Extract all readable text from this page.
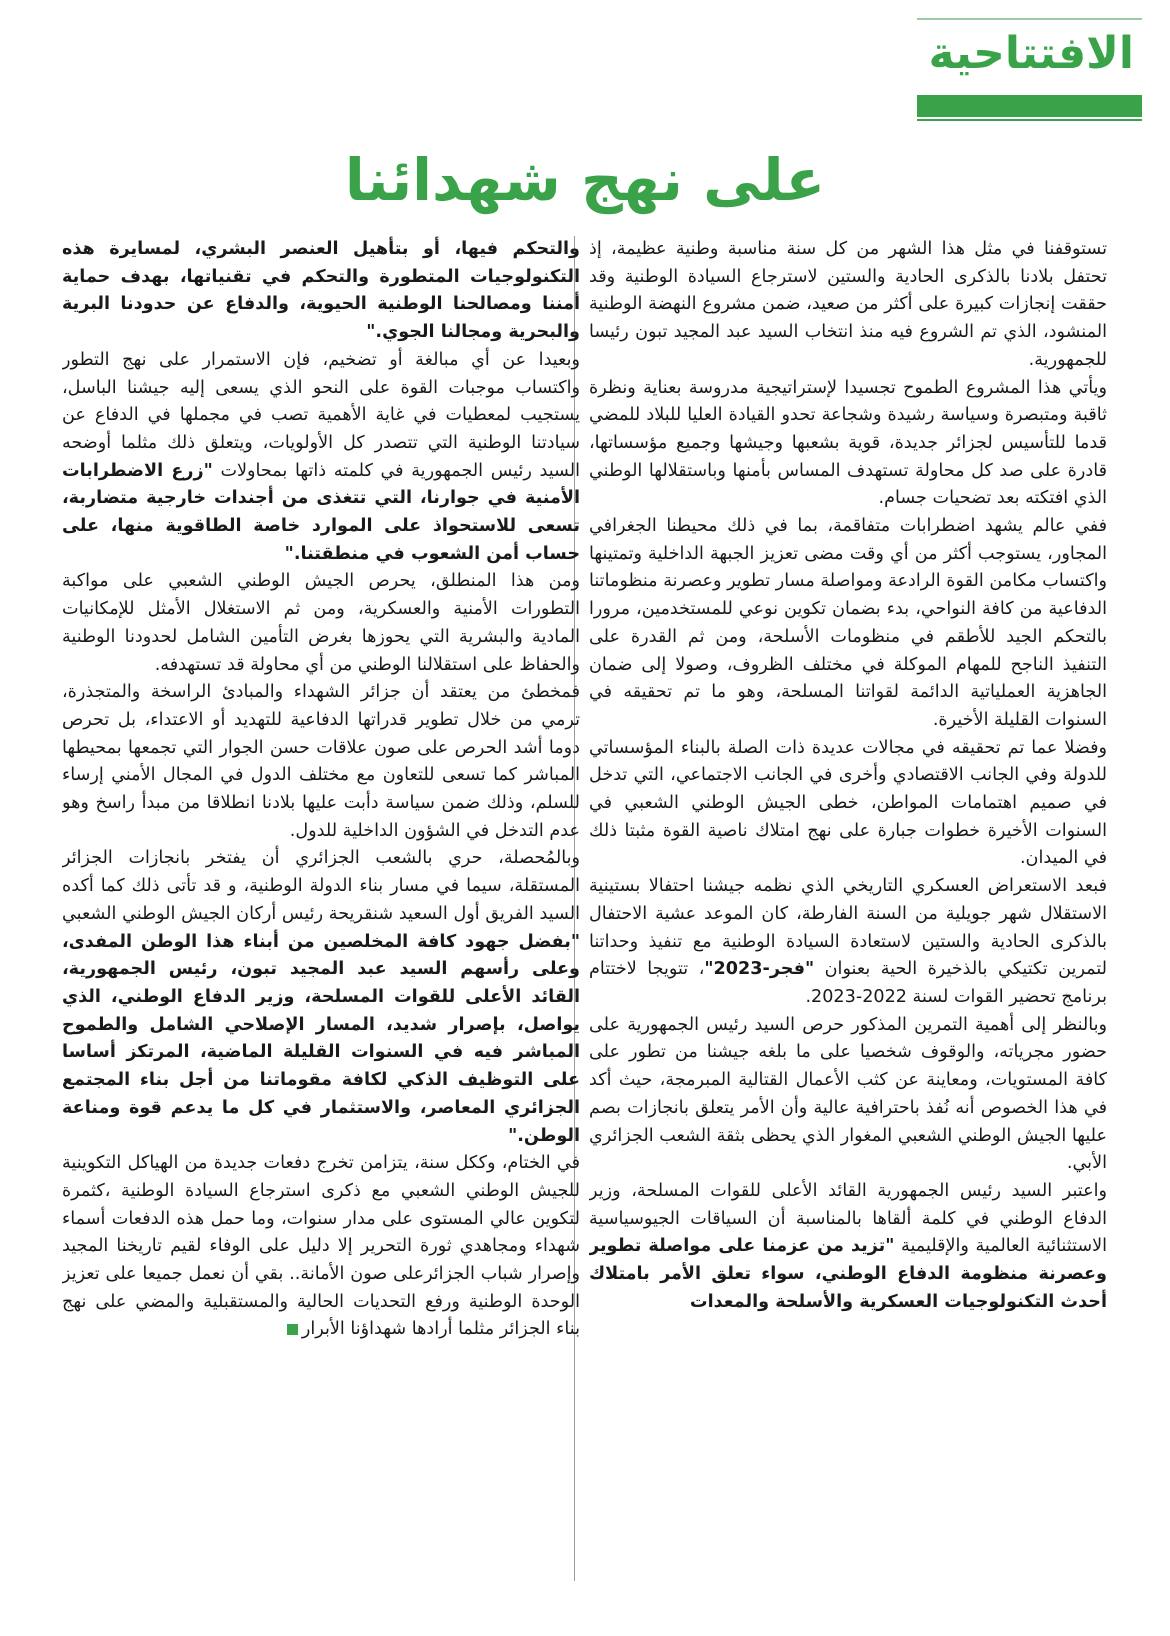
الافتتاحية
على نهج شهدائنا

تستوقفنا في مثل هذا الشهر من كل سنة مناسبة وطنية عظيمة، إذ تحتفل بلادنا بالذكرى الحادية والستين لاسترجاع السيادة الوطنية وقد حققت إنجازات كبيرة على أكثر من صعيد، ضمن مشروع النهضة الوطنية المنشود، الذي تم الشروع فيه منذ انتخاب السيد عبد المجيد تبون رئيسا للجمهورية.

ويأتي هذا المشروع الطموح تجسيدا لإستراتيجية مدروسة بعناية ونظرة ثاقبة ومتبصرة وسياسة رشيدة وشجاعة تحدو القيادة العليا للبلاد للمضي قدما للتأسيس لجزائر جديدة، قوية بشعبها وجيشها وجميع مؤسساتها، قادرة على صد كل محاولة تستهدف المساس بأمنها وباستقلالها الوطني الذي افتكته بعد تضحيات جسام.

ففي عالم يشهد اضطرابات متفاقمة، بما في ذلك محيطنا الجغرافي المجاور، يستوجب أكثر من أي وقت مضى تعزيز الجبهة الداخلية وتمتينها واكتساب مكامن القوة الرادعة ومواصلة مسار تطوير وعصرنة منظوماتنا الدفاعية من كافة النواحي، بدء بضمان تكوين نوعي للمستخدمين، مرورا بالتحكم الجيد للأطقم في منظومات الأسلحة، ومن ثم القدرة على التنفيذ الناجح للمهام الموكلة في مختلف الظروف، وصولا إلى ضمان الجاهزية العملياتية الدائمة لقواتنا المسلحة، وهو ما تم تحقيقه في السنوات القليلة الأخيرة.

وفضلا عما تم تحقيقه في مجالات عديدة ذات الصلة بالبناء المؤسساتي للدولة وفي الجانب الاقتصادي وأخرى في الجانب الاجتماعي، التي تدخل في صميم اهتمامات المواطن، خطى الجيش الوطني الشعبي في السنوات الأخيرة خطوات جبارة على نهج امتلاك ناصية القوة مثبتا ذلك في الميدان.

فبعد الاستعراض العسكري التاريخي الذي نظمه جيشنا احتفالا بستينية الاستقلال شهر جويلية من السنة الفارطة، كان الموعد عشية الاحتفال بالذكرى الحادية والستين لاستعادة السيادة الوطنية مع تنفيذ وحداتنا لتمرين تكتيكي بالذخيرة الحية بعنوان "فجر-2023"، تتويجا لاختتام برنامج تحضير القوات لسنة 2022-2023.

وبالنظر إلى أهمية التمرين المذكور حرص السيد رئيس الجمهورية على حضور مجرياته، والوقوف شخصيا على ما بلغه جيشنا من تطور على كافة المستويات، ومعاينة عن كثب الأعمال القتالية المبرمجة، حيث أكد في هذا الخصوص أنه نُفذ باحترافية عالية وأن الأمر يتعلق بانجازات بصم عليها الجيش الوطني الشعبي المغوار الذي يحظى بثقة الشعب الجزائري الأبي.

واعتبر السيد رئيس الجمهورية القائد الأعلى للقوات المسلحة، وزير الدفاع الوطني في كلمة ألقاها بالمناسبة أن السياقات الجيوسياسية الاستثنائية العالمية والإقليمية "تزيد من عزمنا على مواصلة تطوير وعصرنة منظومة الدفاع الوطني، سواء تعلق الأمر بامتلاك أحدث التكنولوجيات العسكرية والأسلحة والمعدات

والتحكم فيها، أو بتأهيل العنصر البشري، لمسايرة هذه التكنولوجيات المتطورة والتحكم في تقنياتها، بهدف حماية أمننا ومصالحنا الوطنية الحيوية، والدفاع عن حدودنا البرية والبحرية ومجالنا الجوي."

وبعيدا عن أي مبالغة أو تضخيم، فإن الاستمرار على نهج التطور واكتساب موجبات القوة على النحو الذي يسعى إليه جيشنا الباسل، يستجيب لمعطيات في غاية الأهمية تصب في مجملها في الدفاع عن سيادتنا الوطنية التي تتصدر كل الأولويات، ويتعلق ذلك مثلما أوضحه السيد رئيس الجمهورية في كلمته ذاتها بمحاولات "زرع الاضطرابات الأمنية في جوارنا، التي تتغذى من أجندات خارجية متضاربة، تسعى للاستحواذ على الموارد خاصة الطاقوية منها، على حساب أمن الشعوب في منطقتنا."

ومن هذا المنطلق، يحرص الجيش الوطني الشعبي على مواكبة التطورات الأمنية والعسكرية، ومن ثم الاستغلال الأمثل للإمكانيات المادية والبشرية التي يحوزها بغرض التأمين الشامل لحدودنا الوطنية والحفاظ على استقلالنا الوطني من أي محاولة قد تستهدفه.

فمخطئ من يعتقد أن جزائر الشهداء والمبادئ الراسخة والمتجذرة، ترمي من خلال تطوير قدراتها الدفاعية للتهديد أو الاعتداء، بل تحرص دوما أشد الحرص على صون علاقات حسن الجوار التي تجمعها بمحيطها المباشر كما تسعى للتعاون مع مختلف الدول في المجال الأمني إرساء للسلم، وذلك ضمن سياسة دأبت عليها بلادنا انطلاقا من مبدأ راسخ وهو عدم التدخل في الشؤون الداخلية للدول.

وبالمُحصلة، حري بالشعب الجزائري أن يفتخر بانجازات الجزائر المستقلة، سيما في مسار بناء الدولة الوطنية، و قد تأتى ذلك كما أكده السيد الفريق أول السعيد شنقريحة رئيس أركان الجيش الوطني الشعبي "بفضل جهود كافة المخلصين من أبناء هذا الوطن المفدى، وعلى رأسهم السيد عبد المجيد تبون، رئيس الجمهورية، القائد الأعلى للقوات المسلحة، وزير الدفاع الوطني، الذي يواصل، بإصرار شديد، المسار الإصلاحي الشامل والطموح المباشر فيه في السنوات القليلة الماضية، المرتكز أساسا على التوظيف الذكي لكافة مقوماتنا من أجل بناء المجتمع الجزائري المعاصر، والاستثمار في كل ما يدعم قوة ومناعة الوطن."

في الختام، وككل سنة، يتزامن تخرج دفعات جديدة من الهياكل التكوينية للجيش الوطني الشعبي مع ذكرى استرجاع السيادة الوطنية ،كثمرة لتكوين عالي المستوى على مدار سنوات، وما حمل هذه الدفعات أسماء شهداء ومجاهدي ثورة التحرير إلا دليل على الوفاء لقيم تاريخنا المجيد وإصرار شباب الجزائرعلى صون الأمانة.. بقي أن نعمل جميعا على تعزيز الوحدة الوطنية ورفع التحديات الحالية والمستقبلية والمضي على نهج بناء الجزائر مثلما أرادها شهداؤنا الأبرار
